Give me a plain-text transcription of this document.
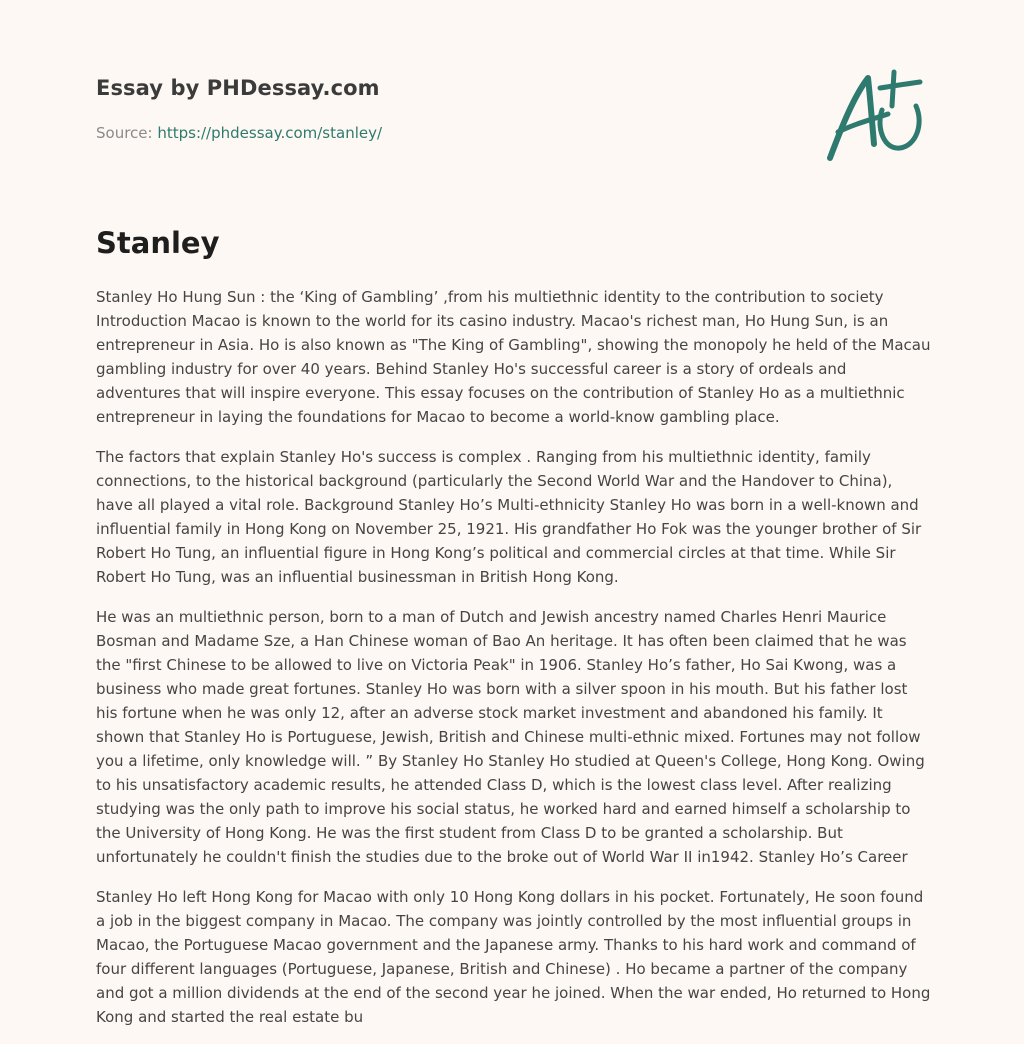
Essay by PHDessay.com
Source: https://phdessay.com/stanley/
Stanley

Stanley Ho Hung Sun : the ‘King of Gambling’ ,from his multiethnic identity to the contribution to society Introduction Macao is known to the world for its casino industry. Macao's richest man, Ho Hung Sun, is an entrepreneur in Asia. Ho is also known as "The King of Gambling", showing the monopoly he held of the Macau gambling industry for over 40 years. Behind Stanley Ho's successful career is a story of ordeals and adventures that will inspire everyone. This essay focuses on the contribution of Stanley Ho as a multiethnic entrepreneur in laying the foundations for Macao to become a world-know gambling place.

The factors that explain Stanley Ho's success is complex . Ranging from his multiethnic identity, family connections, to the historical background (particularly the Second World War and the Handover to China), have all played a vital role. Background Stanley Ho’s Multi-ethnicity Stanley Ho was born in a well-known and influential family in Hong Kong on November 25, 1921. His grandfather Ho Fok was the younger brother of Sir Robert Ho Tung, an influential figure in Hong Kong’s political and commercial circles at that time. While Sir Robert Ho Tung, was an influential businessman in British Hong Kong.

He was an multiethnic person, born to a man of Dutch and Jewish ancestry named Charles Henri Maurice Bosman and Madame Sze, a Han Chinese woman of Bao An heritage. It has often been claimed that he was the "first Chinese to be allowed to live on Victoria Peak" in 1906. Stanley Ho’s father, Ho Sai Kwong, was a business who made great fortunes. Stanley Ho was born with a silver spoon in his mouth. But his father lost his fortune when he was only 12, after an adverse stock market investment and abandoned his family. It shown that Stanley Ho is Portuguese, Jewish, British and Chinese multi-ethnic mixed. Fortunes may not follow you a lifetime, only knowledge will. ” By Stanley Ho Stanley Ho studied at Queen's College, Hong Kong. Owing to his unsatisfactory academic results, he attended Class D, which is the lowest class level. After realizing studying was the only path to improve his social status, he worked hard and earned himself a scholarship to the University of Hong Kong. He was the first student from Class D to be granted a scholarship. But unfortunately he couldn't finish the studies due to the broke out of World War II in1942. Stanley Ho’s Career

Stanley Ho left Hong Kong for Macao with only 10 Hong Kong dollars in his pocket. Fortunately, He soon found a job in the biggest company in Macao. The company was jointly controlled by the most influential groups in Macao, the Portuguese Macao government and the Japanese army. Thanks to his hard work and command of four different languages (Portuguese, Japanese, British and Chinese) . Ho became a partner of the company and got a million dividends at the end of the second year he joined. When the war ended, Ho returned to Hong Kong and started the real estate bu
